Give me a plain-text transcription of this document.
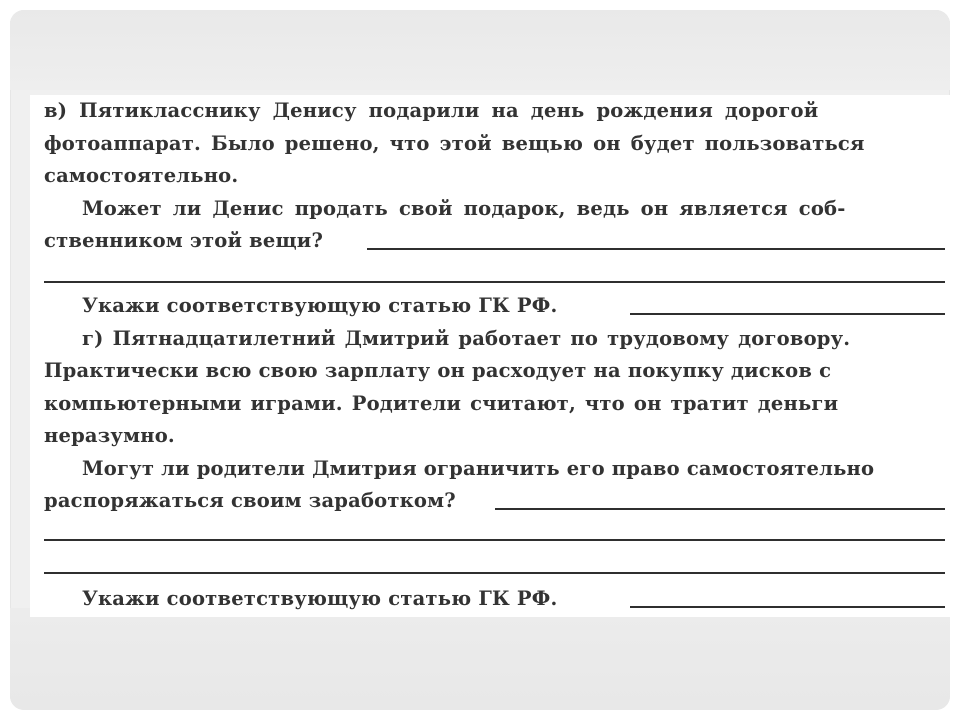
в) Пятикласснику Денису подарили на день рождения дорогой
фотоаппарат. Было решено, что этой вещью он будет пользоваться
самостоятельно.
Может ли Денис продать свой подарок, ведь он является соб-
ственником этой вещи?
Укажи соответствующую статью ГК РФ.
г) Пятнадцатилетний Дмитрий работает по трудовому договору.
Практически всю свою зарплату он расходует на покупку дисков с
компьютерными играми. Родители считают, что он тратит деньги
неразумно.
Могут ли родители Дмитрия ограничить его право самостоятельно
распоряжаться своим заработком?
Укажи соответствующую статью ГК РФ.
